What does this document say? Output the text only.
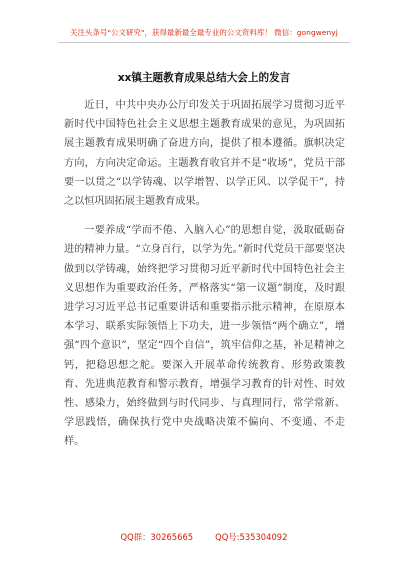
关注头条号"公文研究"，获得最新最全最专业的公文资料库！ 微信：gongwenyj
xx镇主题教育成果总结大会上的发言

近日，中共中央办公厅印发关于巩固拓展学习贯彻习近平新时代中国特色社会主义思想主题教育成果的意见，为巩固拓展主题教育成果明确了奋进方向，提供了根本遵循。旗帜决定方向，方向决定命运。主题教育收官并不是“收场”，党员干部要一以贯之“以学铸魂、以学增智、以学正风、以学促干”，持之以恒巩固拓展主题教育成果。

一要养成“学而不倦、入脑入心”的思想自觉，汲取砥砺奋进的精神力量。“立身百行，以学为先。”新时代党员干部要坚决做到以学铸魂，始终把学习贯彻习近平新时代中国特色社会主义思想作为重要政治任务，严格落实“第一议题”制度，及时跟进学习习近平总书记重要讲话和重要指示批示精神，在原原本本学习、联系实际领悟上下功夫，进一步领悟“两个确立”，增强“四个意识”，坚定“四个自信”，筑牢信仰之基，补足精神之钙，把稳思想之舵。要深入开展革命传统教育、形势政策教育、先进典范教育和警示教育，增强学习教育的针对性、时效性、感染力，始终做到与时代同步、与真理同行，常学常新、学思践悟，确保执行党中央战略决策不偏向、不变通、不走样。

QQ群：30265665	QQ号:535304092
